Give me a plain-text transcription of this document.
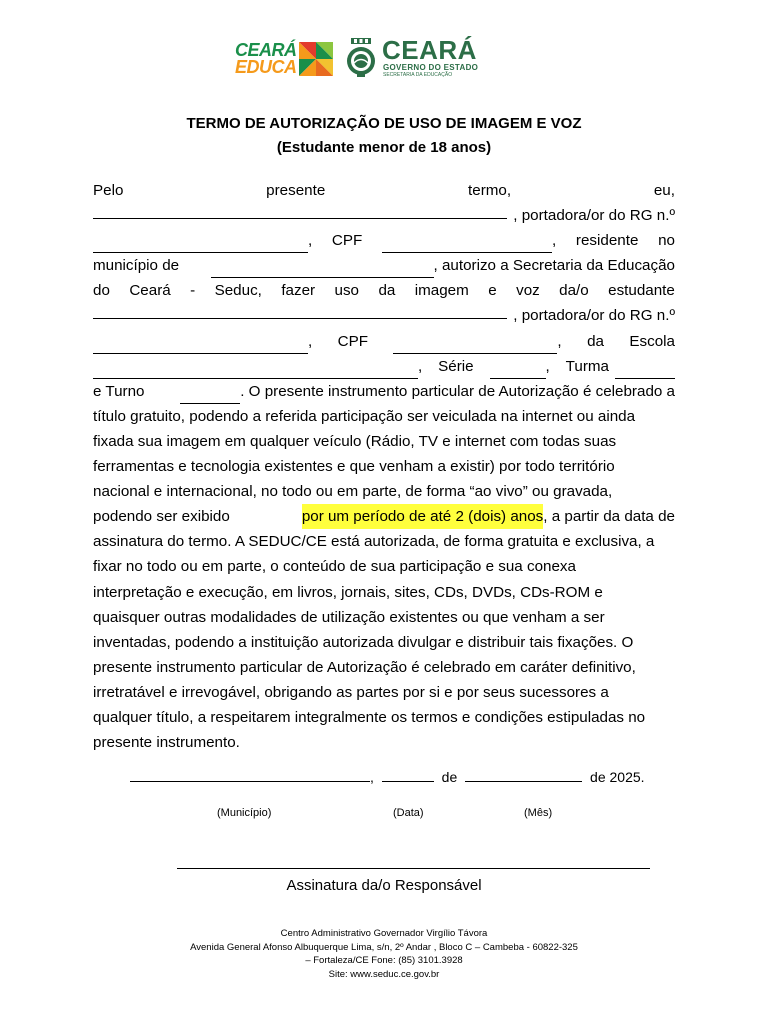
CEARÁ
EDUCA
CEARÁ
GOVERNO DO ESTADO
SECRETARIA DA EDUCAÇÃO
TERMO DE AUTORIZAÇÃO DE USO DE IMAGEM E VOZ
(Estudante menor de 18 anos)
Pelo	presente	termo,	eu,
, portadora/or do RG n.º
, CPF	, residente no
município de	, autorizo a Secretaria da Educação
do Ceará - Seduc, fazer uso da imagem e voz da/o estudante
, portadora/or do RG n.º
, CPF	, da Escola
, Série	, Turma
e Turno	. O presente instrumento particular de Autorização é celebrado a
título gratuito, podendo a referida participação ser veiculada na internet ou ainda
fixada sua imagem em qualquer veículo (Rádio, TV e internet com todas suas
ferramentas e tecnologia existentes e que venham a existir) por todo território
nacional e internacional, no todo ou em parte, de forma “ao vivo” ou gravada,
podendo ser exibido	por um período de até 2 (dois) anos , a partir da data de
assinatura do termo. A SEDUC/CE está autorizada, de forma gratuita e exclusiva, a
fixar no todo ou em parte, o conteúdo de sua participação e sua conexa
interpretação e execução, em livros, jornais, sites, CDs, DVDs, CDs-ROM e
quaisquer outras modalidades de utilização existentes ou que venham a ser
inventadas, podendo a instituição autorizada divulgar e distribuir tais fixações. O
presente instrumento particular de Autorização é celebrado em caráter definitivo,
irretratável e irrevogável, obrigando as partes por si e por seus sucessores a
qualquer título, a respeitarem integralmente os termos e condições estipuladas no
presente instrumento.
,	de	de 2025.
(Município)	(Data)	(Mês)
Assinatura da/o Responsável
Centro Administrativo Governador Virgílio Távora
Avenida General Afonso Albuquerque Lima, s/n, 2º Andar , Bloco C – Cambeba - 60822-325
– Fortaleza/CE Fone: (85) 3101.3928
Site: www.seduc.ce.gov.br
